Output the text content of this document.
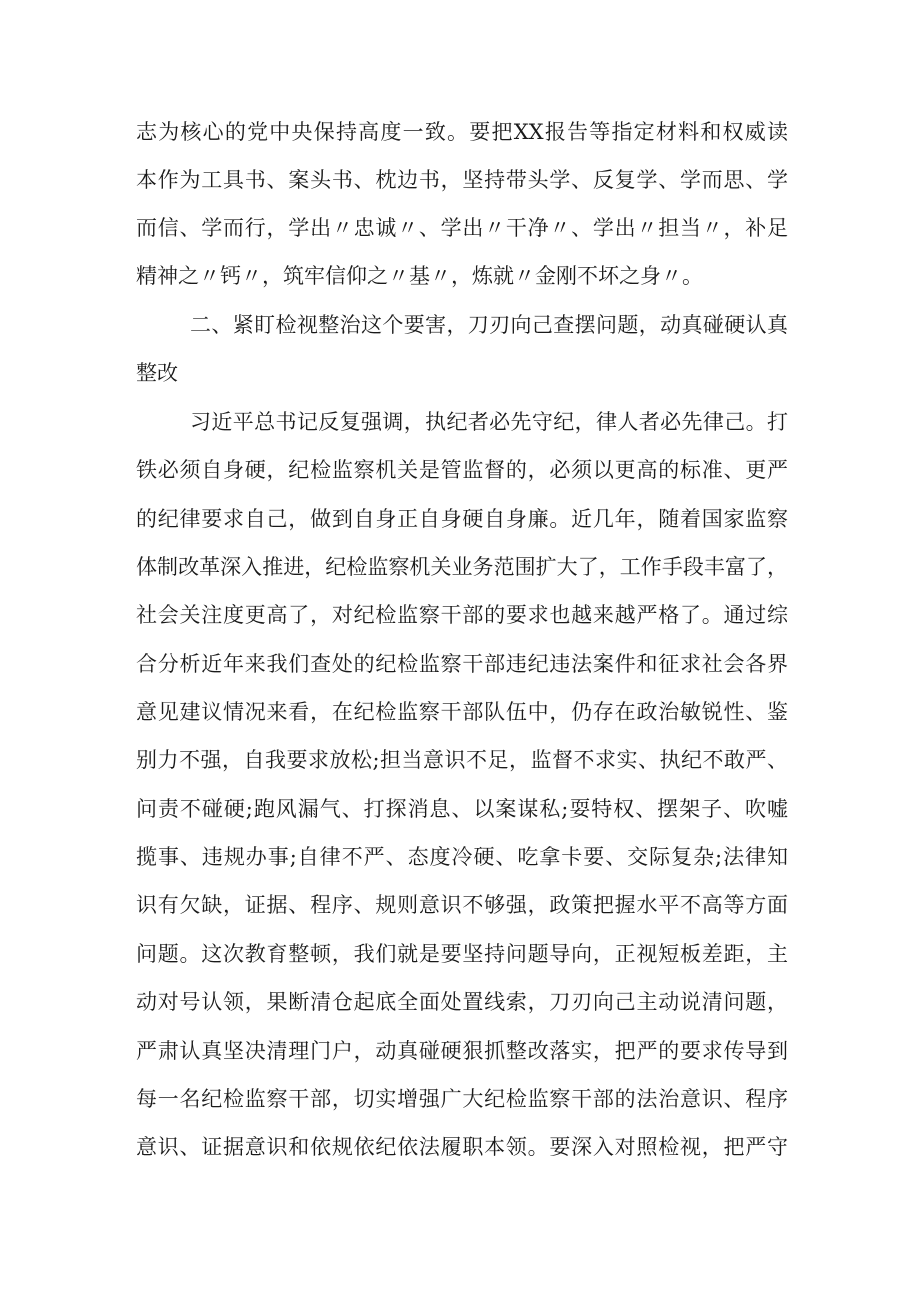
志为核心的党中央保持高度一致。要把XX报告等指定材料和权威读
本作为工具书、案头书、枕边书，坚持带头学、反复学、学而思、学
而信、学而行，学出〃忠诚〃、学出〃干净〃、学出〃担当〃，补足
精神之〃钙〃，筑牢信仰之〃基〃，炼就〃金刚不坏之身〃。
二、紧盯检视整治这个要害，刀刃向己查摆问题，动真碰硬认真
整改
习近平总书记反复强调，执纪者必先守纪，律人者必先律己。打
铁必须自身硬，纪检监察机关是管监督的，必须以更高的标准、更严
的纪律要求自己，做到自身正自身硬自身廉。近几年，随着国家监察
体制改革深入推进，纪检监察机关业务范围扩大了，工作手段丰富了，
社会关注度更高了，对纪检监察干部的要求也越来越严格了。通过综
合分析近年来我们查处的纪检监察干部违纪违法案件和征求社会各界
意见建议情况来看，在纪检监察干部队伍中，仍存在政治敏锐性、鉴
别力不强，自我要求放松;担当意识不足，监督不求实、执纪不敢严、
问责不碰硬;跑风漏气、打探消息、以案谋私;耍特权、摆架子、吹嘘
揽事、违规办事;自律不严、态度冷硬、吃拿卡要、交际复杂;法律知
识有欠缺，证据、程序、规则意识不够强，政策把握水平不高等方面
问题。这次教育整顿，我们就是要坚持问题导向，正视短板差距，主
动对号认领，果断清仓起底全面处置线索，刀刃向己主动说清问题，
严肃认真坚决清理门户，动真碰硬狠抓整改落实，把严的要求传导到
每一名纪检监察干部，切实增强广大纪检监察干部的法治意识、程序
意识、证据意识和依规依纪依法履职本领。要深入对照检视，把严守
